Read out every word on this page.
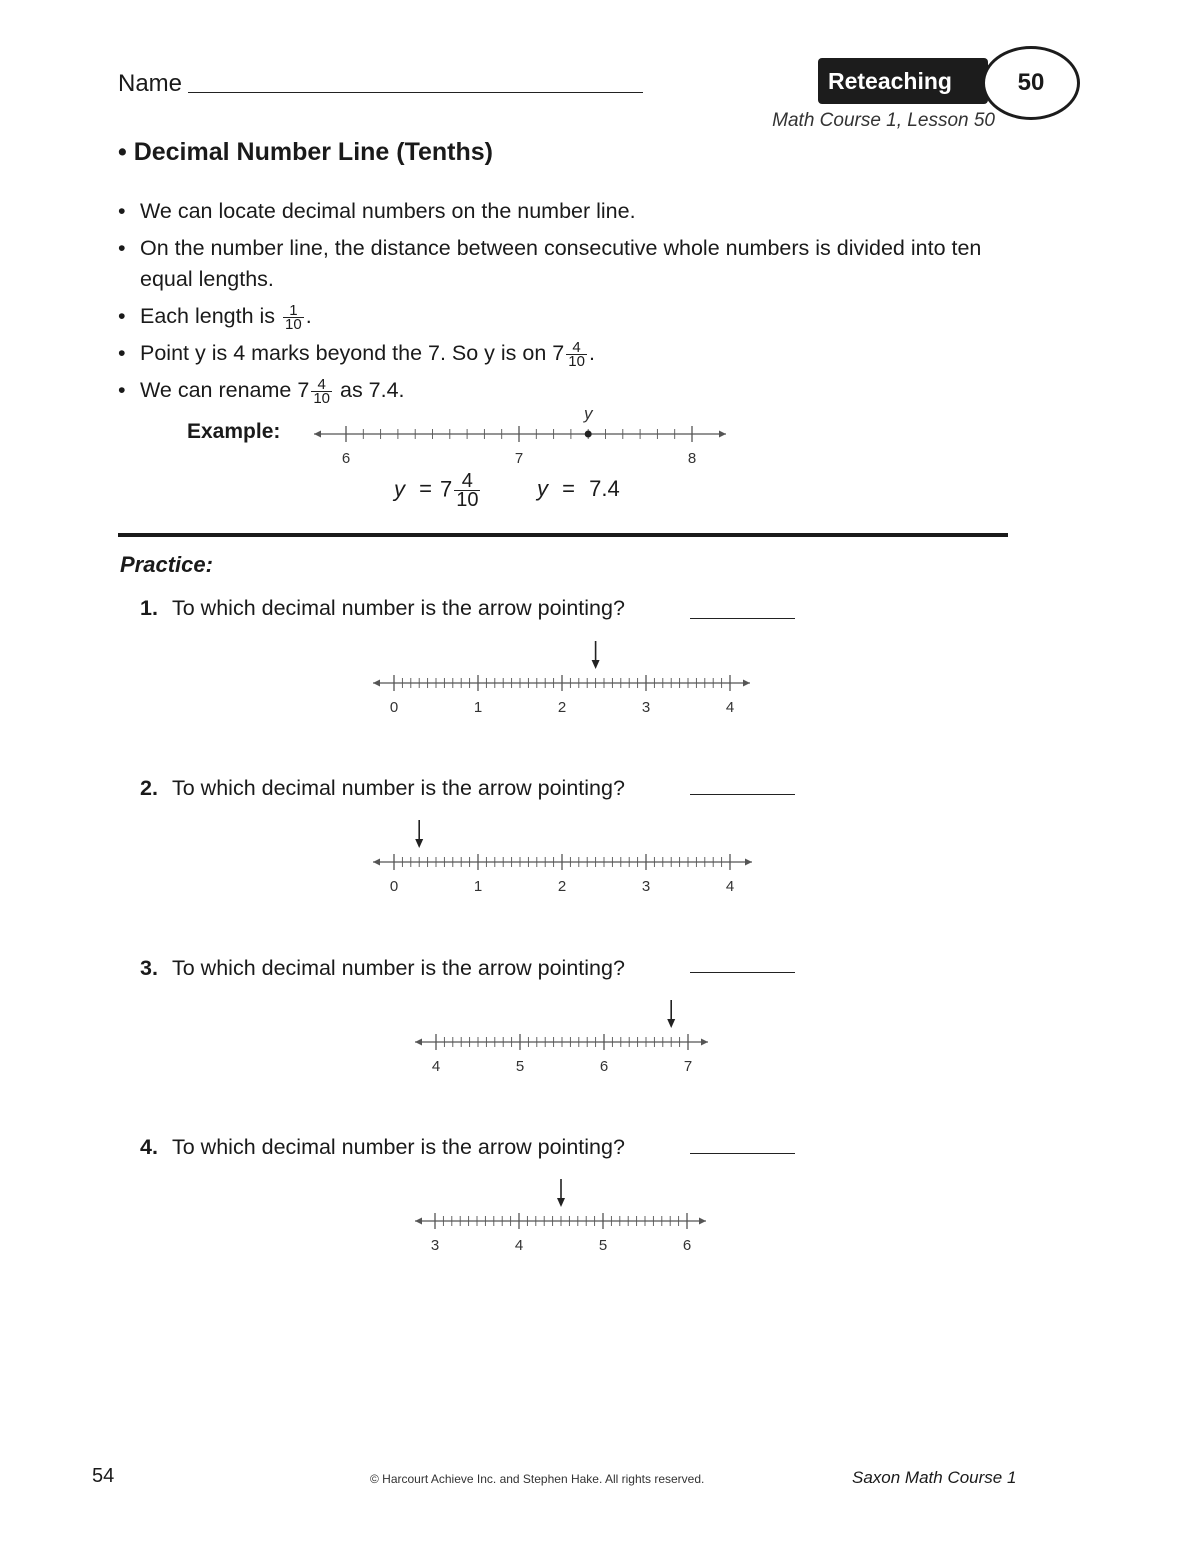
Name	Reteaching	50
Math Course 1, Lesson 50
• Decimal Number Line (Tenths)
• We can locate decimal numbers on the number line.
• On the number line, the distance between consecutive whole numbers is divided into ten equal lengths.
• Each length is $\frac{1}{10}$ .
• Point y is 4 marks beyond the 7. So y is on $7 \frac{4}{10}$ .
• We can rename $7 \frac{4}{10}$ as 7.4.
Example:
6	7	8
y
0	1	2	3	4
0	1	2	3	4
4	5	6	7
3	4	5	6
$y = 7 \frac{4}{10}$	y = 7.4
Practice:
1. To which decimal number is the arrow pointing?
2. To which decimal number is the arrow pointing?
3. To which decimal number is the arrow pointing?
4. To which decimal number is the arrow pointing?
54	© Harcourt Achieve Inc. and Stephen Hake. All rights reserved.	Saxon Math Course 1
